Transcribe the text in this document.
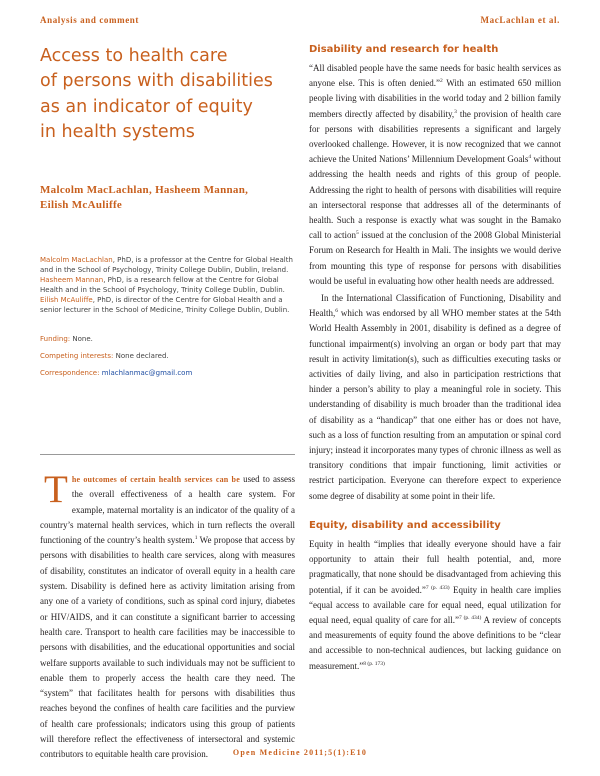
Analysis and comment	MacLachlan et al.
Access to health care
of persons with disabilities
as an indicator of equity
in health systems
Malcolm MacLachlan, Hasheem Mannan,
Eilish McAuliffe
Malcolm MacLachlan, PhD, is a professor at the Centre for Global Health and in the School of Psychology, Trinity College Dublin, Dublin, Ireland.
Hasheem Mannan, PhD, is a research fellow at the Centre for Global Health and in the School of Psychology, Trinity College Dublin, Dublin.
Eilish McAuliffe, PhD, is director of the Centre for Global Health and a senior lecturer in the School of Medicine, Trinity College Dublin, Dublin.
Funding: None.
Competing interests: None declared.
Correspondence: mlachlanmac@gmail.com
The outcomes of certain health services can be used to assess the overall effectiveness of a health care system. For example, maternal mortality is an indicator of the quality of a country’s maternal health services, which in turn reflects the overall functioning of the country’s health system.$^1$ We propose that access by persons with disabilities to health care services, along with measures of disability, constitutes an indicator of overall equity in a health care system. Disability is defined here as activity limitation arising from any one of a variety of conditions, such as spinal cord injury, diabetes or HIV/AIDS, and it can constitute a significant barrier to accessing health care. Transport to health care facilities may be inaccessible to persons with disabilities, and the educational opportunities and social welfare supports available to such individuals may not be sufficient to enable them to properly access the health care they need. The “system” that facilitates health for persons with disabilities thus reaches beyond the confines of health care facilities and the purview of health care professionals; indicators using this group of patients will therefore reflect the effectiveness of intersectoral and systemic contributors to equitable health care provision.
Disability and research for health

“All disabled people have the same needs for basic health services as anyone else. This is often denied.”$^2$ With an estimated 650 million people living with disabilities in the world today and 2 billion family members directly affected by disability,$^3$ the provision of health care for persons with disabilities represents a significant and largely overlooked challenge. However, it is now recognized that we cannot achieve the United Nations’ Millennium Development Goals$^4$ without addressing the health needs and rights of this group of people. Addressing the right to health of persons with disabilities will require an intersectoral response that addresses all of the determinants of health. Such a response is exactly what was sought in the Bamako call to action$^5$ issued at the conclusion of the 2008 Global Ministerial Forum on Research for Health in Mali. The insights we would derive from mounting this type of response for persons with disabilities would be useful in evaluating how other health needs are addressed.

In the International Classification of Functioning, Disability and Health,$^6$ which was endorsed by all WHO member states at the 54th World Health Assembly in 2001, disability is defined as a degree of functional impairment(s) involving an organ or body part that may result in activity limitation(s), such as difficulties executing tasks or activities of daily living, and also in participation restrictions that hinder a person’s ability to play a meaningful role in society. This understanding of disability is much broader than the traditional idea of disability as a “handicap” that one either has or does not have, such as a loss of function resulting from an amputation or spinal cord injury; instead it incorporates many types of chronic illness as well as transitory conditions that impair functioning, limit activities or restrict participation. Everyone can therefore expect to experience some degree of disability at some point in their life.

Equity, disability and accessibility

Equity in health “implies that ideally everyone should have a fair opportunity to attain their full health potential, and, more pragmatically, that none should be disadvantaged from achieving this potential, if it can be avoided.”$^{7 (p. 433)}$ Equity in health care implies “equal access to available care for equal need, equal utilization for equal need, equal quality of care for all.”$^{7 (p. 434)}$ A review of concepts and measurements of equity found the above definitions to be “clear and accessible to non-technical audiences, but lacking guidance on measurement.”$^{8 (p. 173)}$

Open Medicine 2011;5(1):E10
